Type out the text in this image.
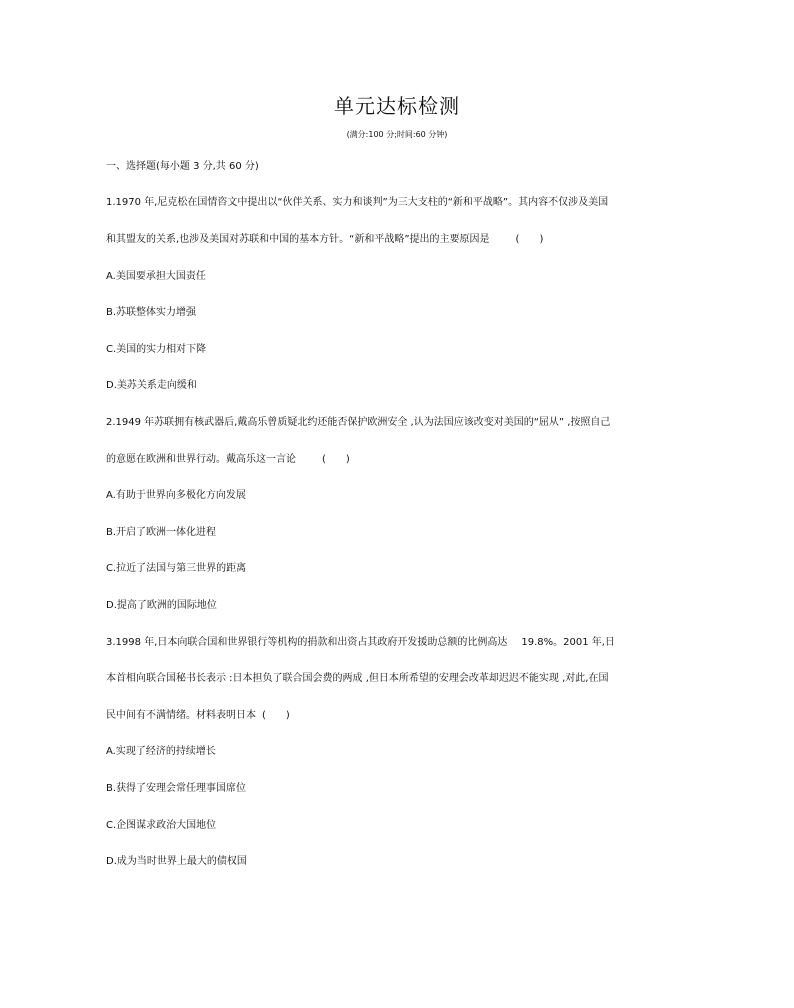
单元达标检测
(满分:100 分;时间:60 分钟)
一、选择题(每小题 3 分,共 60 分)
1.1970 年,尼克松在国情咨文中提出以“伙伴关系、实力和谈判”为三大支柱的“新和平战略”。其内容不仅涉及美国
和其盟友的关系,也涉及美国对苏联和中国的基本方针。“新和平战略”提出的主要原因是	(　　)
A.美国要承担大国责任
B.苏联整体实力增强
C.美国的实力相对下降
D.美苏关系走向缓和
2.1949 年苏联拥有核武器后,戴高乐曾质疑北约还能否保护欧洲安全 ,认为法国应该改变对美国的“屈从” ,按照自己
的意愿在欧洲和世界行动。戴高乐这一言论	(　　)
A.有助于世界向多极化方向发展
B.开启了欧洲一体化进程
C.拉近了法国与第三世界的距离
D.提高了欧洲的国际地位
3.1998 年,日本向联合国和世界银行等机构的捐款和出资占其政府开发援助总额的比例高达 19.8%。2001 年,日
本首相向联合国秘书长表示 :日本担负了联合国会费的两成 ,但日本所希望的安理会改革却迟迟不能实现 ,对此,在国
民中间有不满情绪。材料表明日本 (　　)
A.实现了经济的持续增长
B.获得了安理会常任理事国席位
C.企图谋求政治大国地位
D.成为当时世界上最大的债权国
